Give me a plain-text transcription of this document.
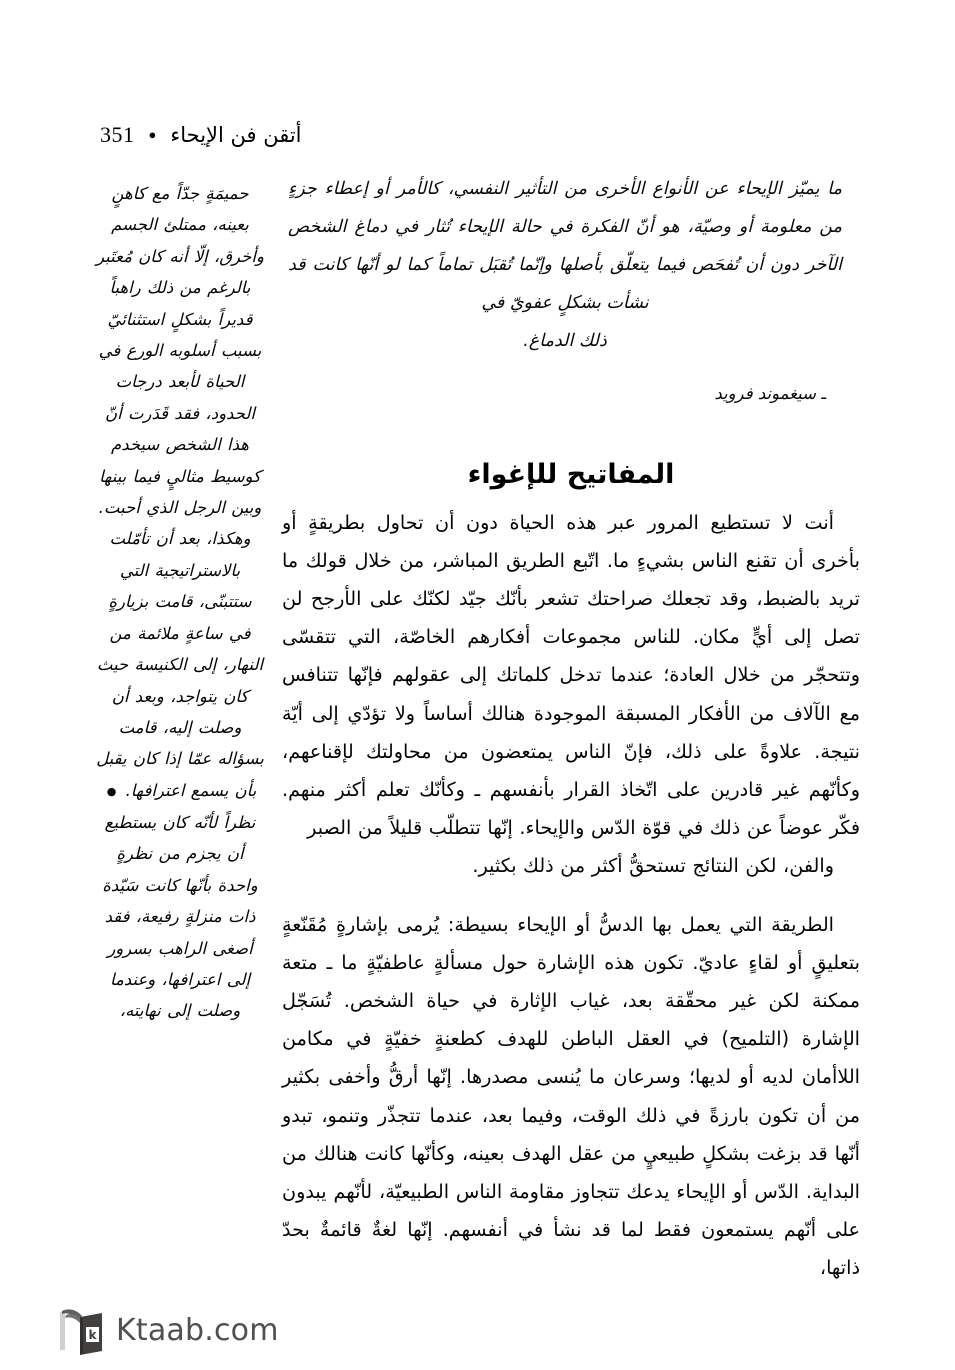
351 ● أتقن فن الإيحاء
حميمَةٍ جدّاً مع كاهنٍ بعينه، ممتلئ الجسم وأخرق، إلّا أنه كان مُعتَبر بالرغم من ذلك راهباً قديراً بشكلٍ استثنائيّ بسبب أسلوبه الورع في الحياة لأبعد درجات الحدود، فقد قَدَرت أنّ هذا الشخص سيخدم كوسيط مثاليٍ فيما بينها وبين الرجل الذي أحبت. وهكذا، بعد أن تأمّلت بالاستراتيجية التي ستتبنّى، قامت بزيارةٍ في ساعةٍ ملائمة من النهار، إلى الكنيسة حيث كان يتواجد، وبعد أن وصلت إليه، قامت بسؤاله عمّا إذا كان يقبل بأن يسمع اعترافها. ● نظراً لأنّه كان يستطيع أن يجزم من نظرةٍ واحدة بأنّها كانت سَيّدة ذات منزلةٍ رفيعة، فقد أصغى الراهب بسرور إلى اعترافها، وعندما وصلت إلى نهايته،
ما يميّز الإيحاء عن الأنواع الأخرى من التأثير النفسي، كالأمر أو إعطاء جزءٍ من معلومة أو وصيّة، هو أنّ الفكرة في حالة الإيحاء تُثار في دماغ الشخص الآخر دون أن تُفحَص فيما يتعلّق بأصلها وإنّما تُقبَل تماماً كما لو أنّها كانت قد نشأت بشكلٍ عفويّ في
ذلك الدماغ.
ـ سيغموند فرويد
المفاتيح للإغواء

أنت لا تستطيع المرور عبر هذه الحياة دون أن تحاول بطريقةٍ أو بأخرى أن تقنع الناس بشيءٍ ما. اتّبع الطريق المباشر، من خلال قولك ما تريد بالضبط، وقد تجعلك صراحتك تشعر بأنّك جيّد لكنّك على الأرجح لن تصل إلى أيٍّ مكان. للناس مجموعات أفكارهم الخاصّة، التي تتقسّى وتتحجّر من خلال العادة؛ عندما تدخل كلماتك إلى عقولهم فإنّها تتنافس مع الآلاف من الأفكار المسبقة الموجودة هنالك أساساً ولا تؤدّي إلى أيّة نتيجة. علاوةً على ذلك، فإنّ الناس يمتعضون من محاولتك لإقناعهم، وكأنّهم غير قادرين على اتّخاذ القرار بأنفسهم ـ وكأنّك تعلم أكثر منهم. فكّر عوضاً عن ذلك في قوّة الدّس والإيحاء. إنّها تتطلّب قليلاً من الصبر
والفن، لكن النتائج تستحقُّ أكثر من ذلك بكثير.

الطريقة التي يعمل بها الدسُّ أو الإيحاء بسيطة: يُرمى بإشارةٍ مُقَنّعةٍ بتعليقٍ أو لقاءٍ عاديّ. تكون هذه الإشارة حول مسألةٍ عاطفيّةٍ ما ـ متعة ممكنة لكن غير محقّقة بعد، غياب الإثارة في حياة الشخص. تُسَجّل الإشارة (التلميح) في العقل الباطن للهدف كطعنةٍ خفيّةٍ في مكامن اللاأمان لديه أو لديها؛ وسرعان ما يُنسى مصدرها. إنّها أرقُّ وأخفى بكثير من أن تكون بارزةً في ذلك الوقت، وفيما بعد، عندما تتجذّر وتنمو، تبدو أنّها قد بزغت بشكلٍ طبيعيٍ من عقل الهدف بعينه، وكأنّها كانت هنالك من البداية. الدّس أو الإيحاء يدعك تتجاوز مقاومة الناس الطبيعيّة، لأنّهم يبدون على أنّهم يستمعون فقط لما قد نشأ في أنفسهم. إنّها لغةٌ قائمةٌ بحدّ ذاتها،

k Ktaab.com
